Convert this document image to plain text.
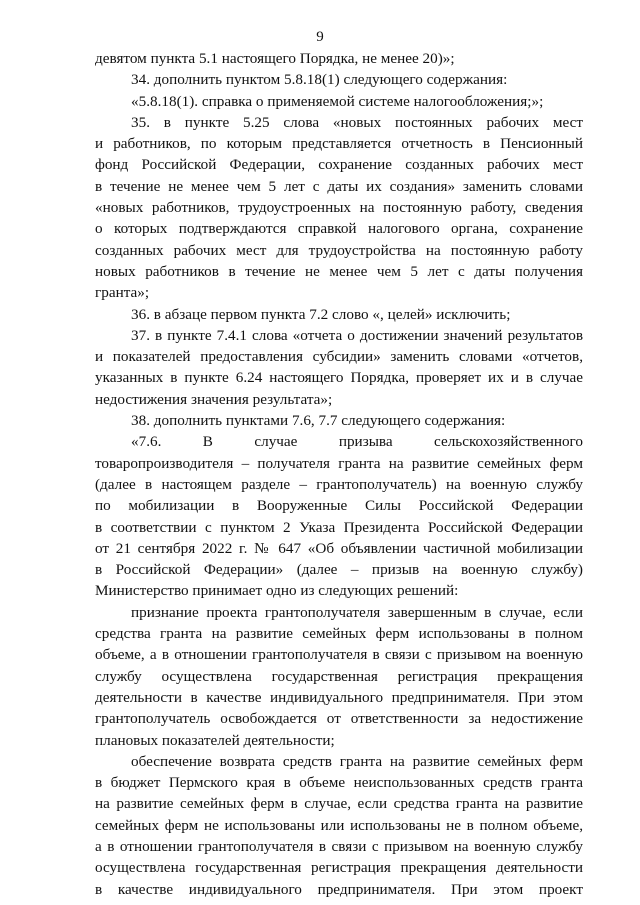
9
девятом пункта 5.1 настоящего Порядка, не менее 20)»;
34. дополнить пунктом 5.8.18(1) следующего содержания:
«5.8.18(1). справка о применяемой системе налогообложения;»;
35. в пункте 5.25 слова «новых постоянных рабочих мест
и работников, по которым представляется отчетность в Пенсионный
фонд Российской Федерации, сохранение созданных рабочих мест
в течение не менее чем 5 лет с даты их создания» заменить словами
«новых работников, трудоустроенных на постоянную работу, сведения
о которых подтверждаются справкой налогового органа, сохранение
созданных рабочих мест для трудоустройства на постоянную работу
новых работников в течение не менее чем 5 лет с даты получения
гранта»;
36. в абзаце первом пункта 7.2 слово «, целей» исключить;
37. в пункте 7.4.1 слова «отчета о достижении значений результатов
и показателей предоставления субсидии» заменить словами «отчетов,
указанных в пункте 6.24 настоящего Порядка, проверяет их и в случае
недостижения значения результата»;
38. дополнить пунктами 7.6, 7.7 следующего содержания:
«7.6. В случае призыва сельскохозяйственного
товаропроизводителя – получателя гранта на развитие семейных ферм
(далее в настоящем разделе – грантополучатель) на военную службу
по мобилизации в Вооруженные Силы Российской Федерации
в соответствии с пунктом 2 Указа Президента Российской Федерации
от 21 сентября 2022 г. № 647 «Об объявлении частичной мобилизации
в Российской Федерации» (далее – призыв на военную службу)
Министерство принимает одно из следующих решений:
признание проекта грантополучателя завершенным в случае, если
средства гранта на развитие семейных ферм использованы в полном
объеме, а в отношении грантополучателя в связи с призывом на военную
службу осуществлена государственная регистрация прекращения
деятельности в качестве индивидуального предпринимателя. При этом
грантополучатель освобождается от ответственности за недостижение
плановых показателей деятельности;
обеспечение возврата средств гранта на развитие семейных ферм
в бюджет Пермского края в объеме неиспользованных средств гранта
на развитие семейных ферм в случае, если средства гранта на развитие
семейных ферм не использованы или использованы не в полном объеме,
а в отношении грантополучателя в связи с призывом на военную службу
осуществлена государственная регистрация прекращения деятельности
в качестве индивидуального предпринимателя. При этом проект
